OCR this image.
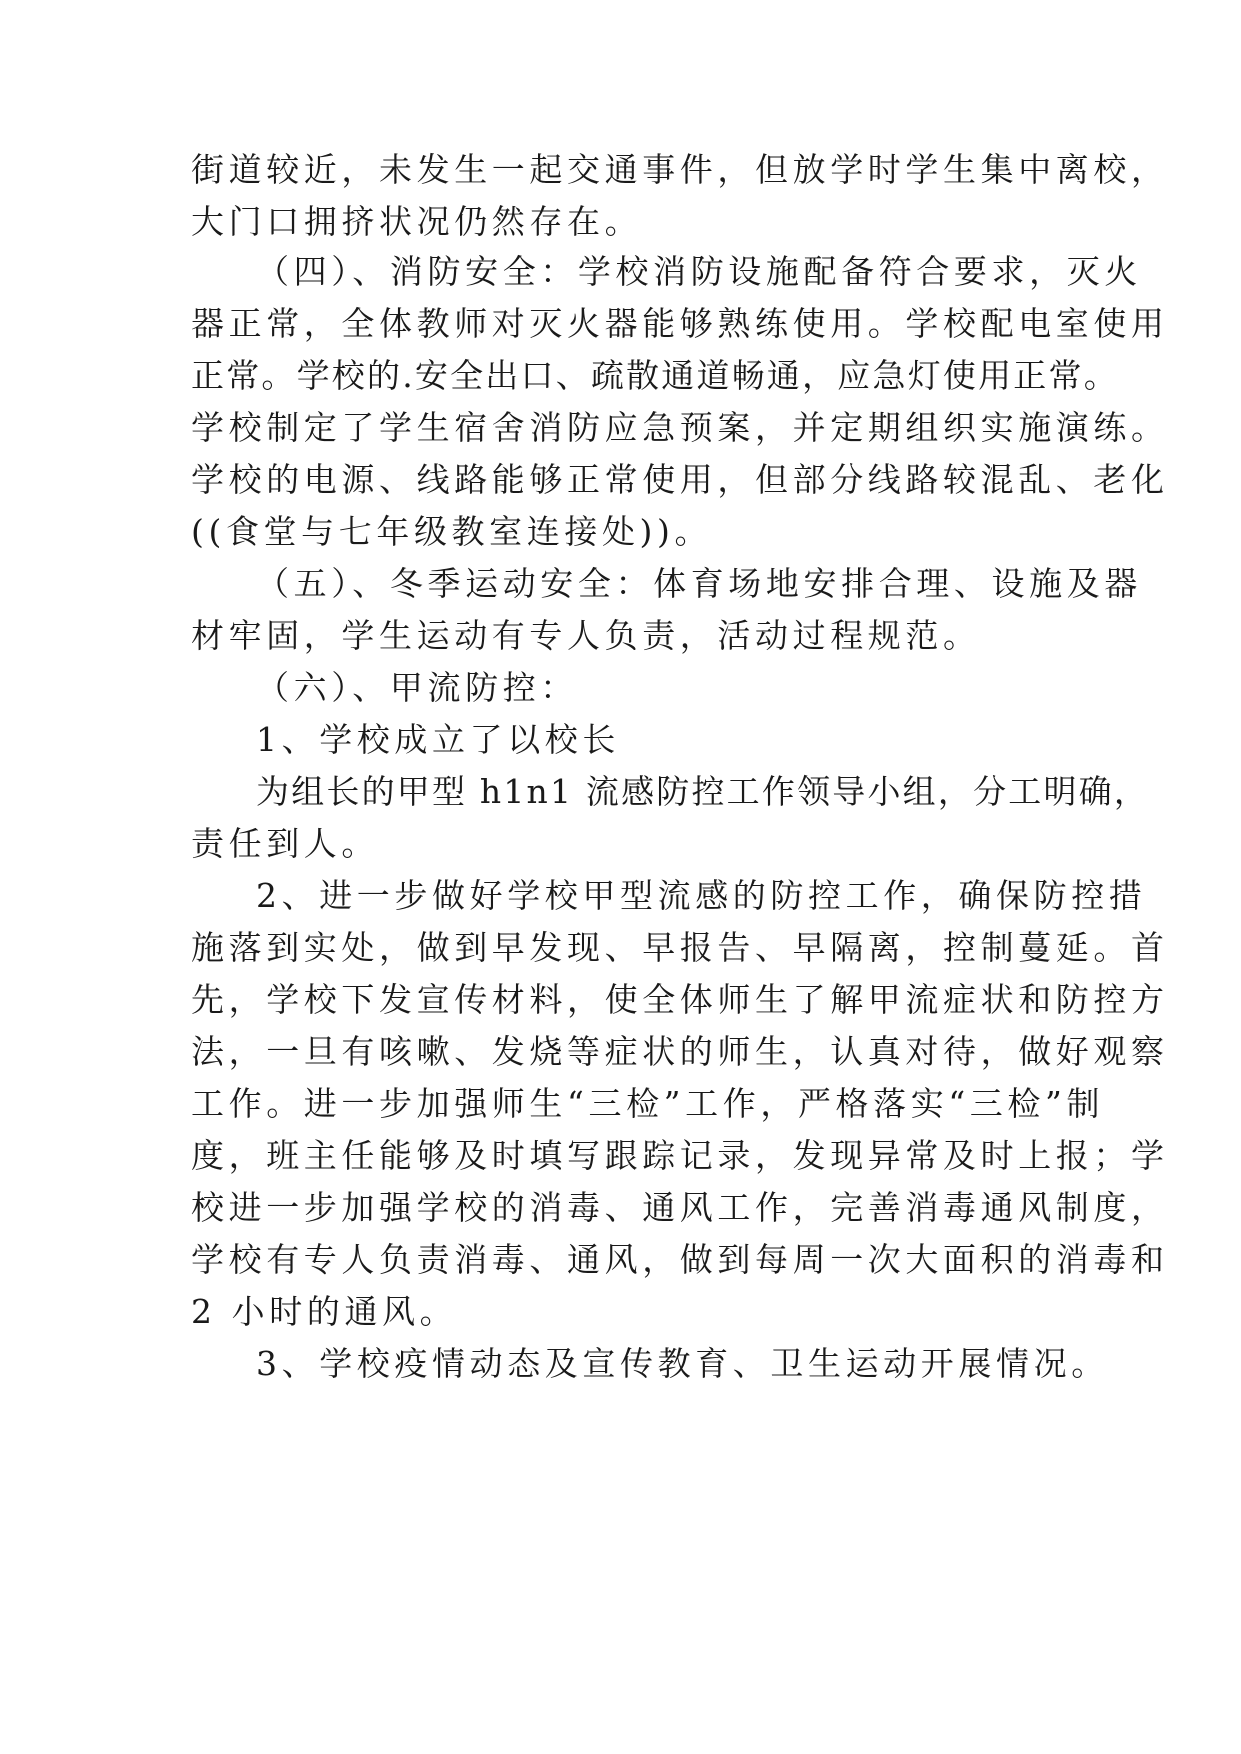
街道较近，未发生一起交通事件，但放学时学生集中离校，
大门口拥挤状况仍然存在。
（四）、消防安全：学校消防设施配备符合要求，灭火
器正常，全体教师对灭火器能够熟练使用。学校配电室使用
正常。学校的.安全出口、疏散通道畅通，应急灯使用正常。
学校制定了学生宿舍消防应急预案，并定期组织实施演练。
学校的电源、线路能够正常使用，但部分线路较混乱、老化
((食堂与七年级教室连接处))。
（五）、冬季运动安全：体育场地安排合理、设施及器
材牢固，学生运动有专人负责，活动过程规范。
（六）、甲流防控：
1、学校成立了以校长
为组长的甲型 h1n1 流感防控工作领导小组，分工明确，
责任到人。
2、进一步做好学校甲型流感的防控工作，确保防控措
施落到实处，做到早发现、早报告、早隔离，控制蔓延。首
先，学校下发宣传材料，使全体师生了解甲流症状和防控方
法，一旦有咳嗽、发烧等症状的师生，认真对待，做好观察
工作。进一步加强师生“三检”工作，严格落实“三检”制
度，班主任能够及时填写跟踪记录，发现异常及时上报；学
校进一步加强学校的消毒、通风工作，完善消毒通风制度，
学校有专人负责消毒、通风，做到每周一次大面积的消毒和
2 小时的通风。
3、学校疫情动态及宣传教育、卫生运动开展情况。
